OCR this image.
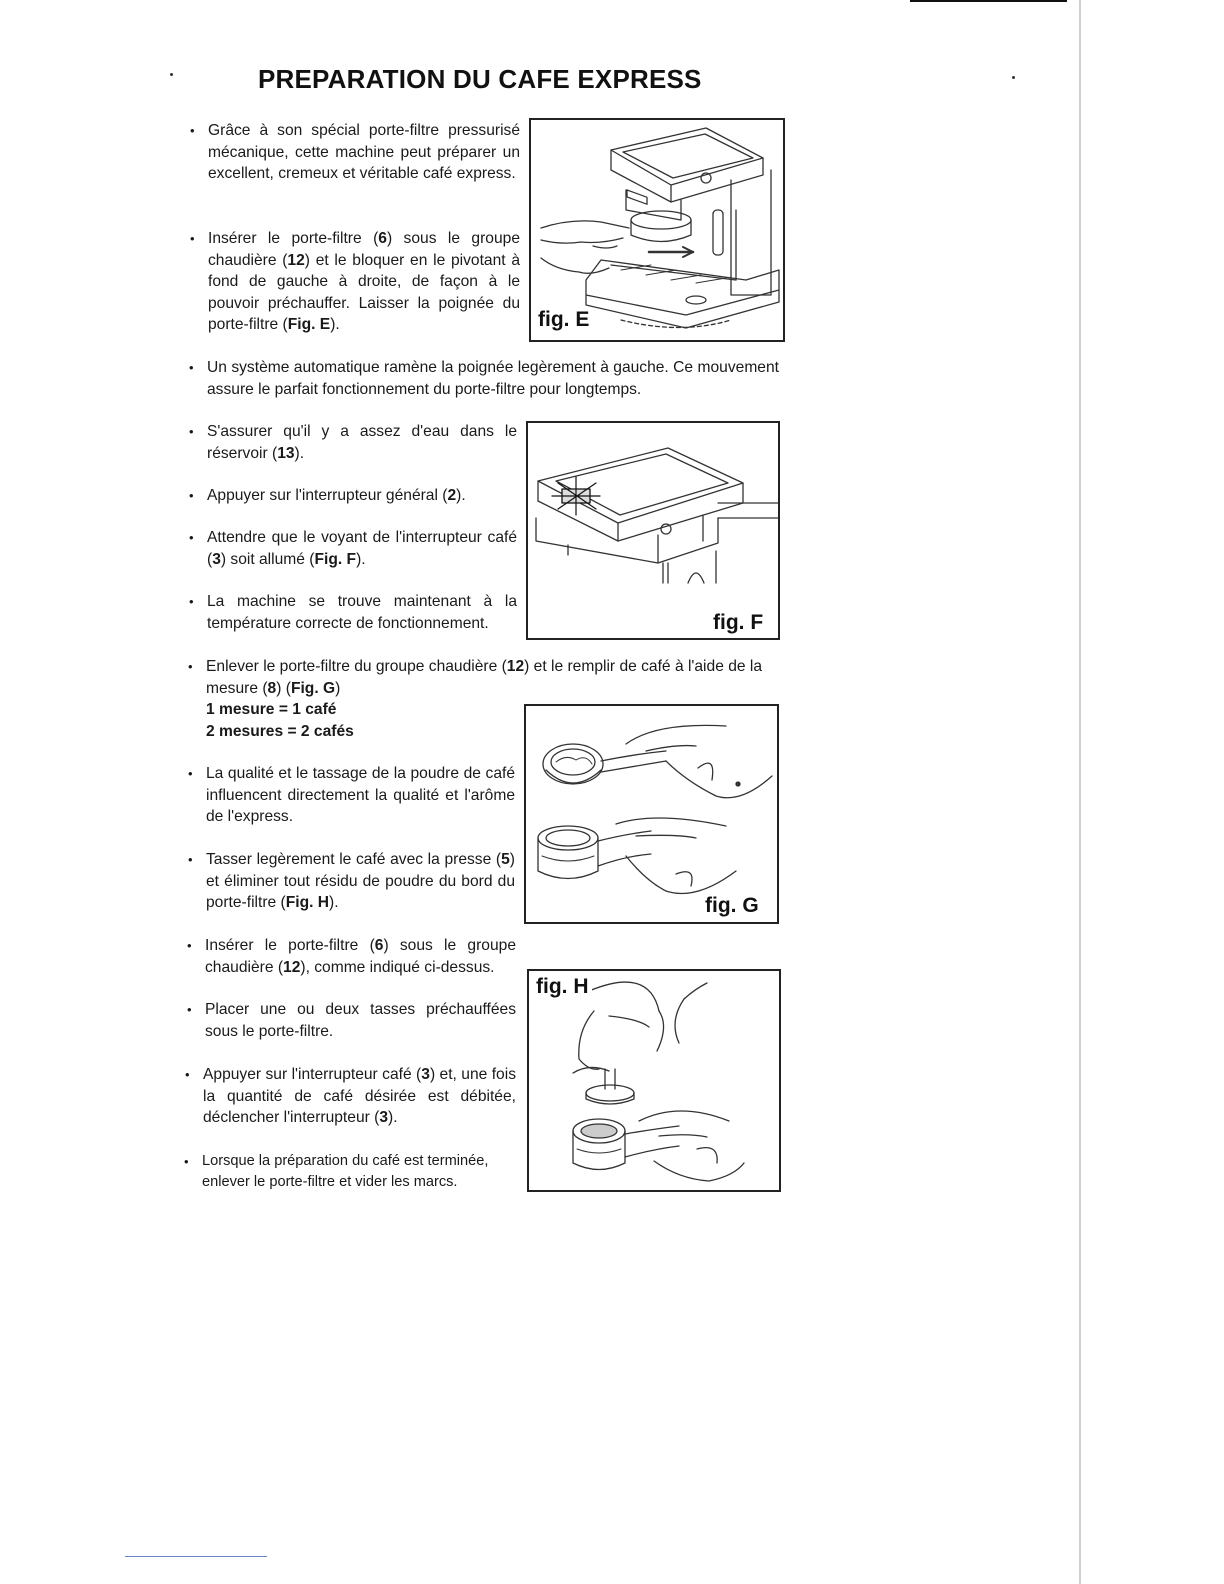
PREPARATION DU CAFE EXPRESS
• Grâce à son spécial porte-filtre pressurisé mécanique, cette machine peut préparer un excellent, cremeux et véritable café express.

• Insérer le porte-filtre (6) sous le groupe chaudière (12) et le bloquer en le pivotant à fond de gauche à droite, de façon à le pouvoir préchauffer. Laisser la poignée du porte-filtre (Fig. E).

• Un système automatique ramène la poignée legèrement à gauche. Ce mouvement assure le parfait fonctionnement du porte-filtre pour longtemps.

• S'assurer qu'il y a assez d'eau dans le réservoir (13).

• Appuyer sur l'interrupteur général (2).

• Attendre que le voyant de l'interrupteur café (3) soit allumé (Fig. F).

• La machine se trouve maintenant à la température correcte de fonctionnement.

• Enlever le porte-filtre du groupe chaudière (12) et le remplir de café à l'aide de la mesure (8) (Fig. G)

1 mesure = 1 café

2 mesures = 2 cafés

• La qualité et le tassage de la poudre de café influencent directement la qualité et l'arôme de l'express.

• Tasser legèrement le café avec la presse (5) et éliminer tout résidu de poudre du bord du porte-filtre (Fig. H).

• Insérer le porte-filtre (6) sous le groupe chaudière (12), comme indiqué ci-dessus.

• Placer une ou deux tasses préchauffées sous le porte-filtre.

• Appuyer sur l'interrupteur café (3) et, une fois la quantité de café désirée est débitée, déclencher l'interrupteur (3).

• Lorsque la préparation du café est terminée, enlever le porte-filtre et vider les marcs.

fig. E
fig. F
fig. G
fig. H
